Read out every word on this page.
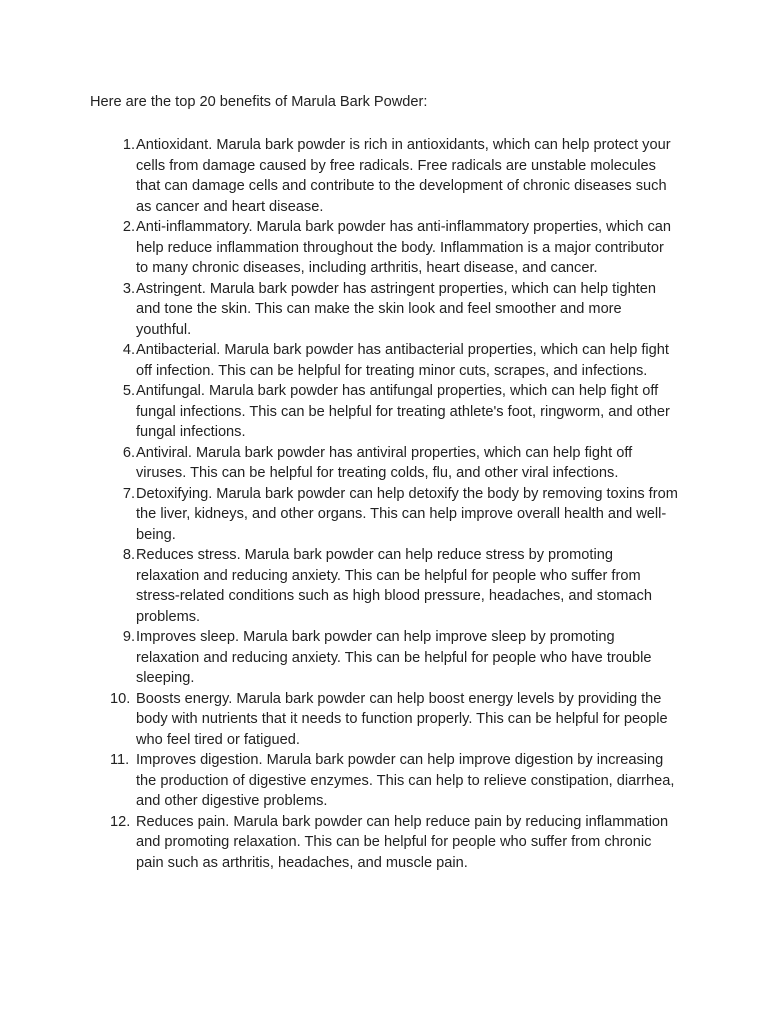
Here are the top 20 benefits of Marula Bark Powder:

1. Antioxidant. Marula bark powder is rich in antioxidants, which can help protect your cells from damage caused by free radicals. Free radicals are unstable molecules that can damage cells and contribute to the development of chronic diseases such as cancer and heart disease.
2. Anti-inflammatory. Marula bark powder has anti-inflammatory properties, which can help reduce inflammation throughout the body. Inflammation is a major contributor to many chronic diseases, including arthritis, heart disease, and cancer.
3. Astringent. Marula bark powder has astringent properties, which can help tighten and tone the skin. This can make the skin look and feel smoother and more youthful.
4. Antibacterial. Marula bark powder has antibacterial properties, which can help fight off infection. This can be helpful for treating minor cuts, scrapes, and infections.
5. Antifungal. Marula bark powder has antifungal properties, which can help fight off fungal infections. This can be helpful for treating athlete's foot, ringworm, and other fungal infections.
6. Antiviral. Marula bark powder has antiviral properties, which can help fight off viruses. This can be helpful for treating colds, flu, and other viral infections.
7. Detoxifying. Marula bark powder can help detoxify the body by removing toxins from the liver, kidneys, and other organs. This can help improve overall health and well-being.
8. Reduces stress. Marula bark powder can help reduce stress by promoting relaxation and reducing anxiety. This can be helpful for people who suffer from stress-related conditions such as high blood pressure, headaches, and stomach problems.
9. Improves sleep. Marula bark powder can help improve sleep by promoting relaxation and reducing anxiety. This can be helpful for people who have trouble sleeping.
10. Boosts energy. Marula bark powder can help boost energy levels by providing the body with nutrients that it needs to function properly. This can be helpful for people who feel tired or fatigued.
11. Improves digestion. Marula bark powder can help improve digestion by increasing the production of digestive enzymes. This can help to relieve constipation, diarrhea, and other digestive problems.
12. Reduces pain. Marula bark powder can help reduce pain by reducing inflammation and promoting relaxation. This can be helpful for people who suffer from chronic pain such as arthritis, headaches, and muscle pain.
